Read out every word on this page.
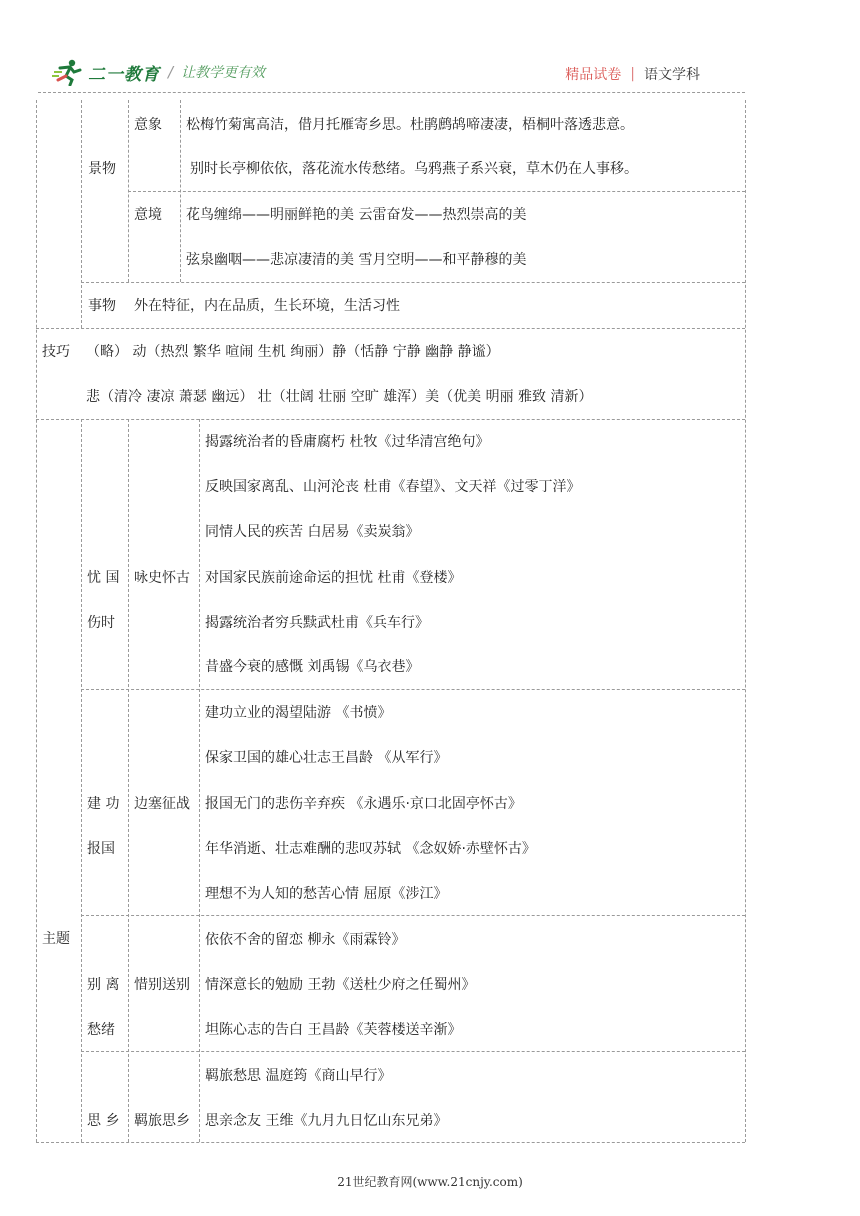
二一教育 / 让教学更有效	精品试卷 | 语文学科
景物
意象 松梅竹菊寓高洁，借月托雁寄乡思。杜鹃鹧鸪啼凄凄，梧桐叶落透悲意。
别时长亭柳依依，落花流水传愁绪。乌鸦燕子系兴衰，草木仍在人事移。
意境 花鸟缠绵——明丽鲜艳的美 云雷奋发——热烈崇高的美
弦泉幽咽——悲凉凄清的美 雪月空明——和平静穆的美
事物 外在特征，内在品质，生长环境，生活习性
技巧 （略） 动（热烈 繁华 喧闹 生机 绚丽）静（恬静 宁静 幽静 静谧）
悲（清冷 凄凉 萧瑟 幽远） 壮（壮阔 壮丽 空旷 雄浑）美（优美 明丽 雅致 清新）
主题
忧 国
伤时
咏史怀古
揭露统治者的昏庸腐朽 杜牧《过华清宫绝句》
反映国家离乱、山河沦丧 杜甫《春望》、文天祥《过零丁洋》
同情人民的疾苦 白居易《卖炭翁》
对国家民族前途命运的担忧 杜甫《登楼》
揭露统治者穷兵黩武杜甫《兵车行》
昔盛今衰的感慨 刘禹锡《乌衣巷》
建 功
报国
边塞征战
建功立业的渴望陆游 《书愤》
保家卫国的雄心壮志王昌龄 《从军行》
报国无门的悲伤辛弃疾 《永遇乐·京口北固亭怀古》
年华消逝、壮志难酬的悲叹苏轼 《念奴娇·赤壁怀古》
理想不为人知的愁苦心情 屈原《涉江》
别 离
愁绪
惜别送别
依依不舍的留恋 柳永《雨霖铃》
情深意长的勉励 王勃《送杜少府之任蜀州》
坦陈心志的告白 王昌龄《芙蓉楼送辛渐》
思 乡 羁旅思乡
羁旅愁思 温庭筠《商山早行》
思亲念友 王维《九月九日忆山东兄弟》
21世纪教育网(www.21cnjy.com)
